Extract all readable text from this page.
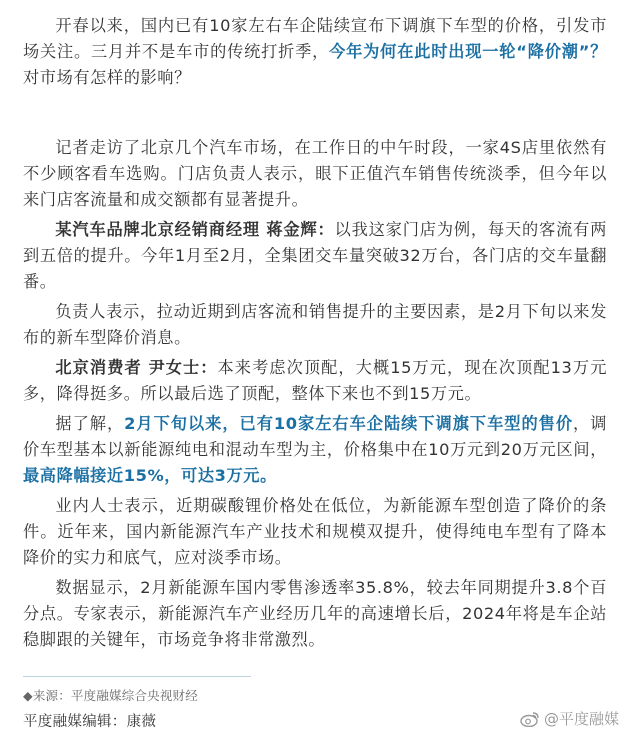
开春以来，国内已有10家左右车企陆续宣布下调旗下车型的价格，引发市场关注。三月并不是车市的传统打折季，今年为何在此时出现一轮“降价潮”？对市场有怎样的影响？

记者走访了北京几个汽车市场，在工作日的中午时段，一家4S店里依然有不少顾客看车选购。门店负责人表示，眼下正值汽车销售传统淡季，但今年以来门店客流量和成交额都有显著提升。

某汽车品牌北京经销商经理 蒋金辉：以我这家门店为例，每天的客流有两到五倍的提升。今年1月至2月，全集团交车量突破32万台，各门店的交车量翻番。

负责人表示，拉动近期到店客流和销售提升的主要因素，是2月下旬以来发布的新车型降价消息。

北京消费者 尹女士：本来考虑次顶配，大概15万元，现在次顶配13万元多，降得挺多。所以最后选了顶配，整体下来也不到15万元。

据了解，2月下旬以来，已有10家左右车企陆续下调旗下车型的售价，调价车型基本以新能源纯电和混动车型为主，价格集中在10万元到20万元区间，最高降幅接近15%，可达3万元。

业内人士表示，近期碳酸锂价格处在低位，为新能源车型创造了降价的条件。近年来，国内新能源汽车产业技术和规模双提升，使得纯电车型有了降本降价的实力和底气，应对淡季市场。

数据显示，2月新能源车国内零售渗透率35.8%，较去年同期提升3.8个百分点。专家表示，新能源汽车产业经历几年的高速增长后，2024年将是车企站稳脚跟的关键年，市场竞争将非常激烈。

◆来源：平度融媒综合央视财经
平度融媒编辑：康薇	@平度融媒
